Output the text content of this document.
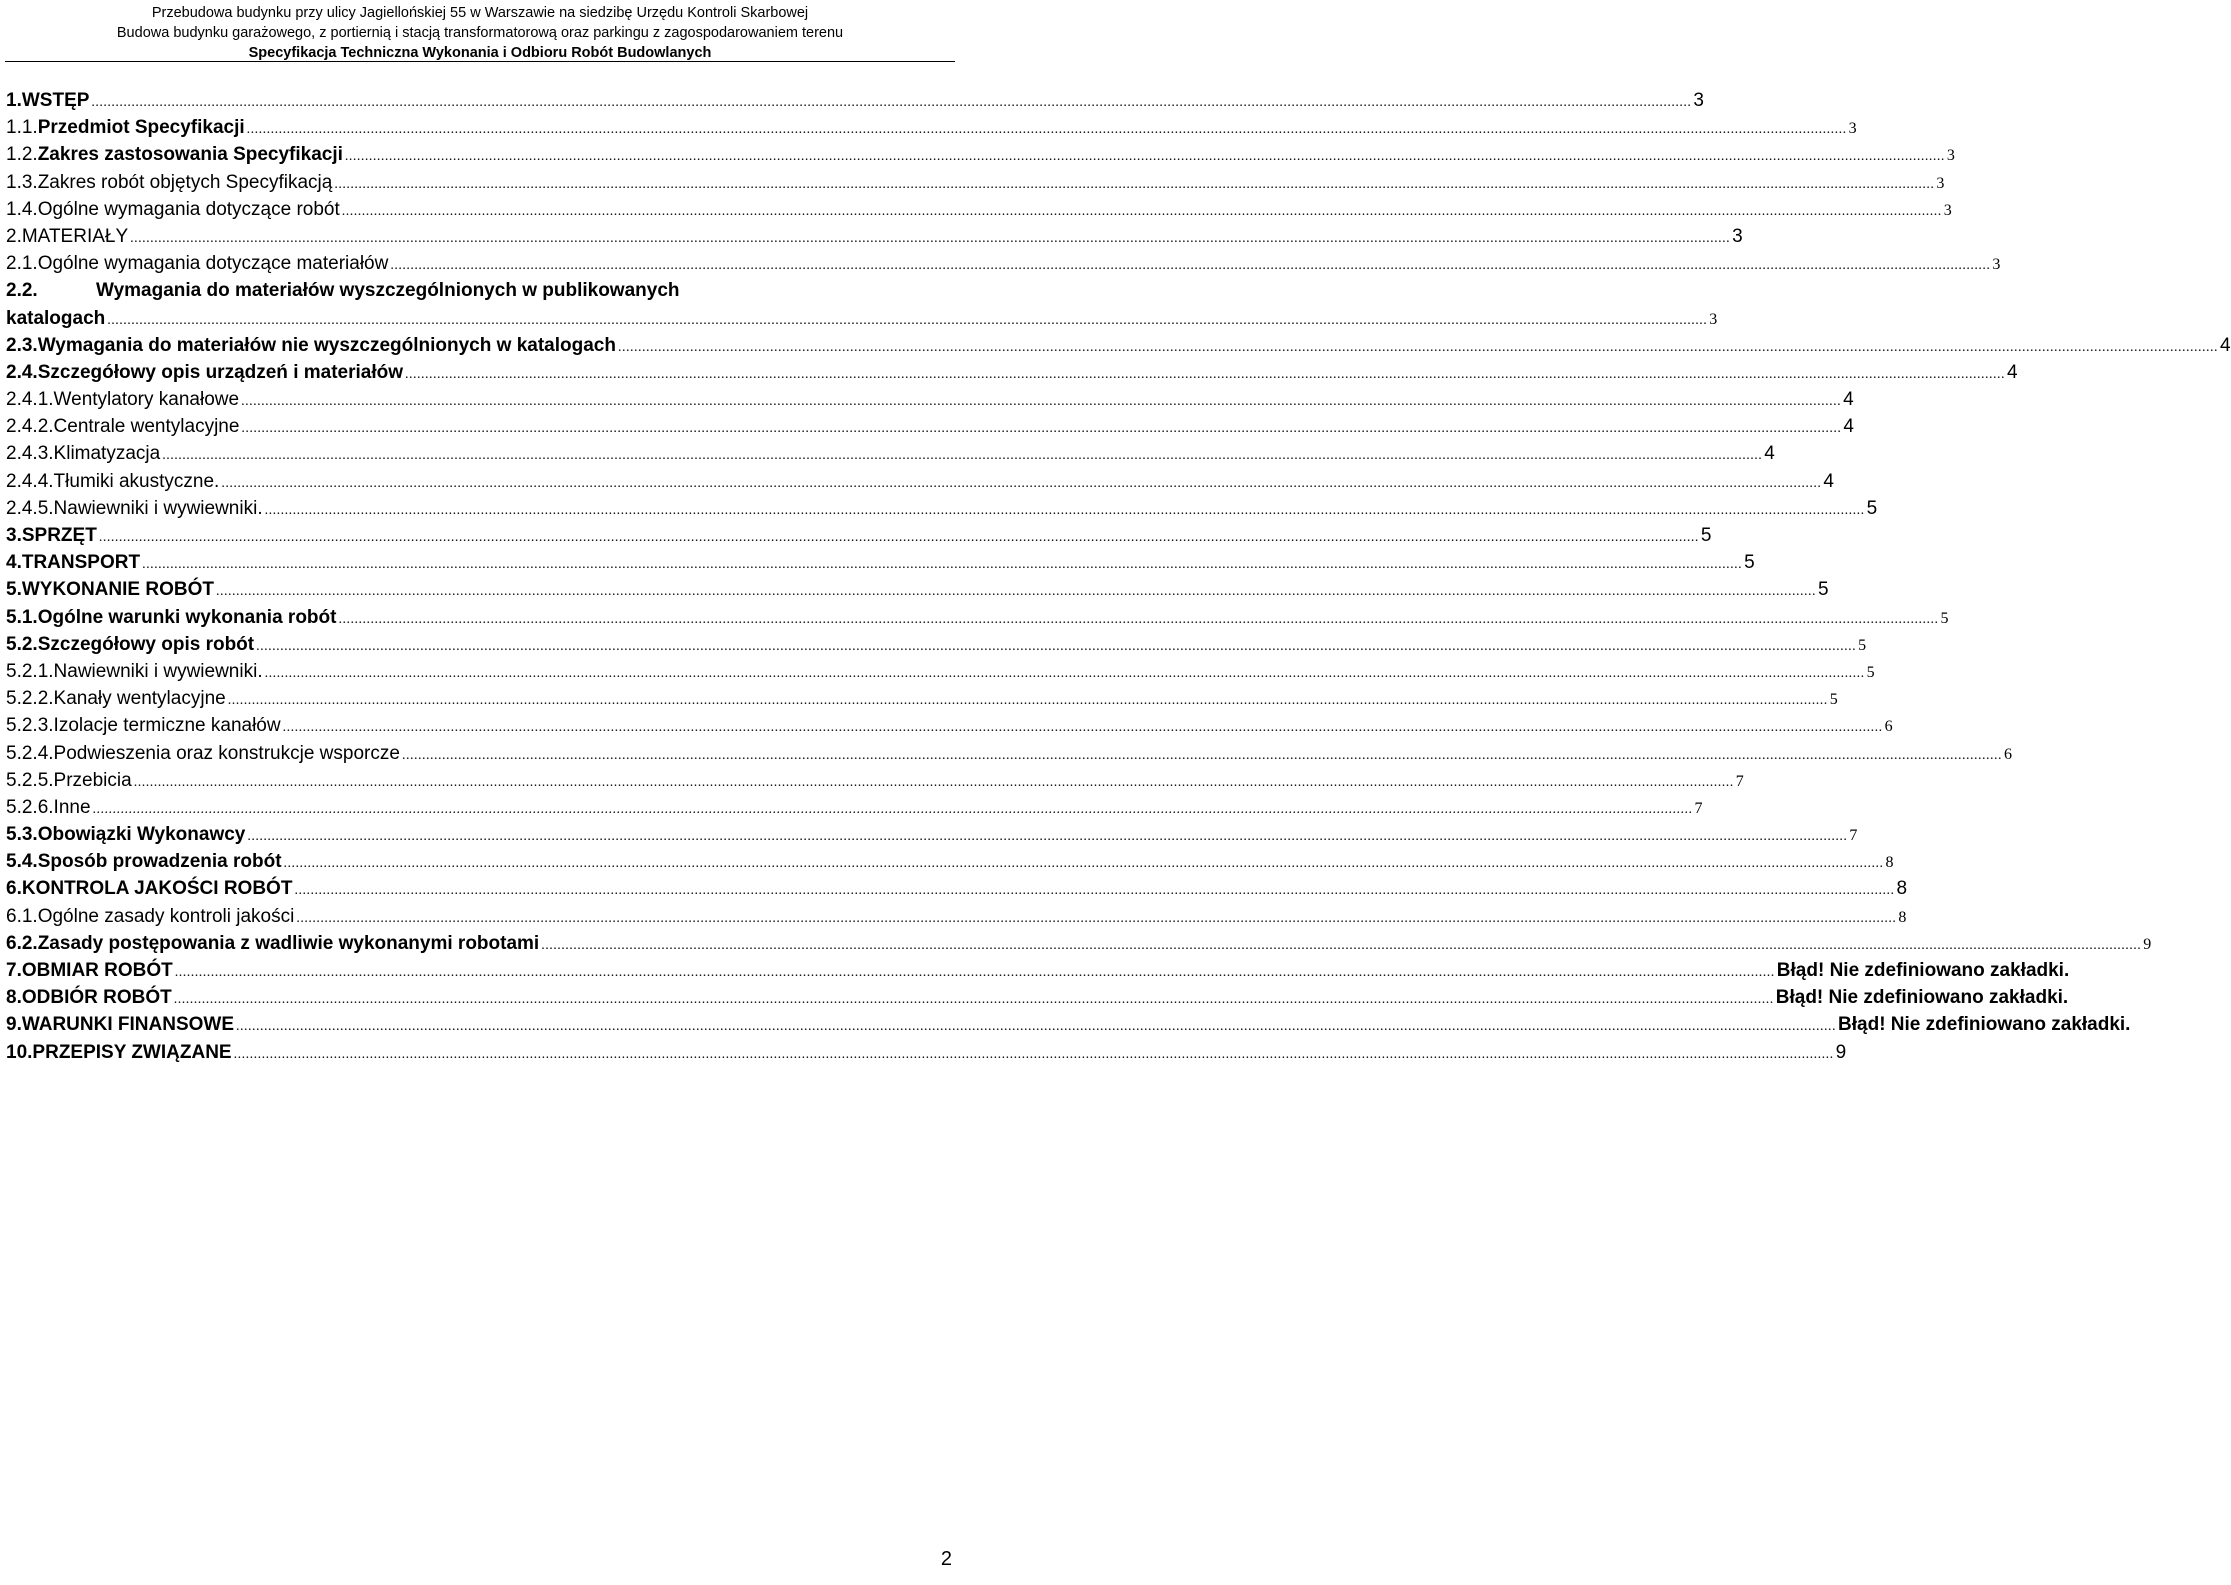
Przebudowa budynku przy ulicy Jagiellońskiej 55 w Warszawie na siedzibę Urzędu Kontroli Skarbowej
Budowa budynku garażowego, z portiernią i stacją transformatorową oraz parkingu z zagospodarowaniem terenu
Specyfikacja Techniczna Wykonania i Odbioru Robót Budowlanych
1. WSTĘP ................................................................................................................................................................................................................................................................................................................................................................................................................ 3
1.1. Przedmiot Specyfikacji ................................................................................................................................................................................................................................................................................................................................................................................................................ 3
1.2. Zakres zastosowania Specyfikacji ................................................................................................................................................................................................................................................................................................................................................................................................................ 3
1.3. Zakres robót objętych Specyfikacją ................................................................................................................................................................................................................................................................................................................................................................................................................ 3
1.4. Ogólne wymagania dotyczące robót ................................................................................................................................................................................................................................................................................................................................................................................................................ 3
2. MATERIAŁY ................................................................................................................................................................................................................................................................................................................................................................................................................ 3
2.1. Ogólne wymagania dotyczące materiałów ................................................................................................................................................................................................................................................................................................................................................................................................................ 3
2.2.	Wymagania do materiałów wyszczególnionych w publikowanych
katalogach ................................................................................................................................................................................................................................................................................................................................................................................................................ 3
2.3. Wymagania do materiałów nie wyszczególnionych w katalogach ................................................................................................................................................................................................................................................................................................................................................................................................................ 4
2.4. Szczegółowy opis urządzeń i materiałów ................................................................................................................................................................................................................................................................................................................................................................................................................ 4
2.4.1. Wentylatory kanałowe ................................................................................................................................................................................................................................................................................................................................................................................................................ 4
2.4.2. Centrale wentylacyjne ................................................................................................................................................................................................................................................................................................................................................................................................................ 4
2.4.3. Klimatyzacja ................................................................................................................................................................................................................................................................................................................................................................................................................ 4
2.4.4. Tłumiki akustyczne. ................................................................................................................................................................................................................................................................................................................................................................................................................ 4
2.4.5. Nawiewniki i wywiewniki. ................................................................................................................................................................................................................................................................................................................................................................................................................ 5
3. SPRZĘT ................................................................................................................................................................................................................................................................................................................................................................................................................ 5
4. TRANSPORT ................................................................................................................................................................................................................................................................................................................................................................................................................ 5
5. WYKONANIE ROBÓT ................................................................................................................................................................................................................................................................................................................................................................................................................ 5
5.1. Ogólne warunki wykonania robót ................................................................................................................................................................................................................................................................................................................................................................................................................ 5
5.2. Szczegółowy opis robót ................................................................................................................................................................................................................................................................................................................................................................................................................ 5
5.2.1. Nawiewniki i wywiewniki. ................................................................................................................................................................................................................................................................................................................................................................................................................ 5
5.2.2. Kanały wentylacyjne ................................................................................................................................................................................................................................................................................................................................................................................................................ 5
5.2.3. Izolacje termiczne kanałów ................................................................................................................................................................................................................................................................................................................................................................................................................ 6
5.2.4. Podwieszenia oraz konstrukcje wsporcze ................................................................................................................................................................................................................................................................................................................................................................................................................ 6
5.2.5. Przebicia ................................................................................................................................................................................................................................................................................................................................................................................................................ 7
5.2.6. Inne ................................................................................................................................................................................................................................................................................................................................................................................................................ 7
5.3. Obowiązki Wykonawcy ................................................................................................................................................................................................................................................................................................................................................................................................................ 7
5.4. Sposób prowadzenia robót ................................................................................................................................................................................................................................................................................................................................................................................................................ 8
6. KONTROLA JAKOŚCI ROBÓT ................................................................................................................................................................................................................................................................................................................................................................................................................ 8
6.1. Ogólne zasady kontroli jakości ................................................................................................................................................................................................................................................................................................................................................................................................................ 8
6.2. Zasady postępowania z wadliwie wykonanymi robotami ................................................................................................................................................................................................................................................................................................................................................................................................................ 9
7. OBMIAR ROBÓT ................................................................................................................................................................................................................................................................................................................................................................................................................ Błąd! Nie zdefiniowano zakładki.
8. ODBIÓR ROBÓT ................................................................................................................................................................................................................................................................................................................................................................................................................ Błąd! Nie zdefiniowano zakładki.
9. WARUNKI FINANSOWE ................................................................................................................................................................................................................................................................................................................................................................................................................ Błąd! Nie zdefiniowano zakładki.
10. PRZEPISY ZWIĄZANE ................................................................................................................................................................................................................................................................................................................................................................................................................ 9
2
